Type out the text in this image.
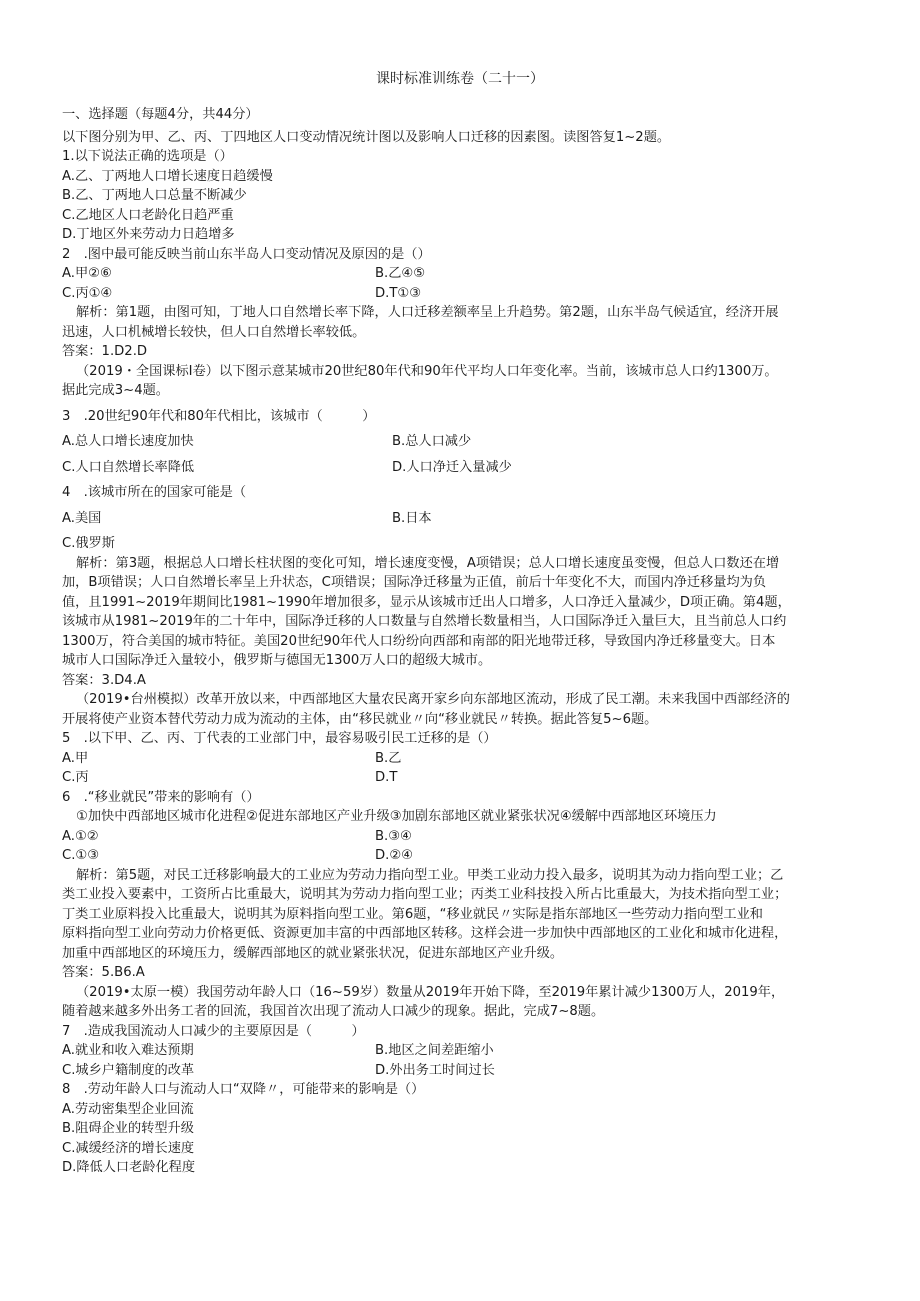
课时标准训练卷（二十一）

一、选择题（每题4分，共44分）

以下图分别为甲、乙、丙、丁四地区人口变动情况统计图以及影响人口迁移的因素图。读图答复1~2题。

1.以下说法正确的选项是（）

A.乙、丁两地人口增长速度日趋缓慢

B.乙、丁两地人口总量不断减少

C.乙地区人口老龄化日趋严重

D.丁地区外来劳动力日趋增多

2　.图中最可能反映当前山东半岛人口变动情况及原因的是（）

A.甲②⑥	B.乙④⑤
C.丙①④	D.T①③

解析：第1题，由图可知，丁地人口自然增长率下降，人口迁移差额率呈上升趋势。第2题，山东半岛气候适宜，经济开展

迅速，人口机械增长较快，但人口自然增长率较低。

答案：1.D2.D

（2019・全国课标Ⅰ卷）以下图示意某城市20世纪80年代和90年代平均人口年变化率。当前，该城市总人口约1300万。

据此完成3~4题。

3　.20世纪90年代和80年代相比，该城市（　　　）

A.总人口增长速度加快	B.总人口减少
C.人口自然增长率降低	D.人口净迁入量减少

4　.该城市所在的国家可能是（

A.美国	B.日本

C.俄罗斯

解析：第3题，根据总人口增长柱状图的变化可知，增长速度变慢，A项错误；总人口增长速度虽变慢，但总人口数还在增

加，B项错误；人口自然增长率呈上升状态，C项错误；国际净迁移量为正值，前后十年变化不大，而国内净迁移量均为负

值，且1991~2019年期间比1981~1990年增加很多，显示从该城市迁出人口增多，人口净迁入量减少，D项正确。第4题，

该城市从1981~2019年的二十年中，国际净迁移的人口数量与自然增长数量相当，人口国际净迁入量巨大，且当前总人口约

1300万，符合美国的城市特征。美国20世纪90年代人口纷纷向西部和南部的阳光地带迁移，导致国内净迁移量变大。日本

城市人口国际净迁入量较小，俄罗斯与德国无1300万人口的超级大城市。

答案：3.D4.A

（2019•台州模拟）改革开放以来，中西部地区大量农民离开家乡向东部地区流动，形成了民工潮。未来我国中西部经济的

开展将使产业资本替代劳动力成为流动的主体，由“移民就业〃向“移业就民〃转换。据此答复5~6题。

5　.以下甲、乙、丙、丁代表的工业部门中，最容易吸引民工迁移的是（）

A.甲	B.乙
C.丙	D.T

6　.“移业就民”带来的影响有（）

①加快中西部地区城市化进程②促进东部地区产业升级③加剧东部地区就业紧张状况④缓解中西部地区环境压力

A.①②	B.③④
C.①③	D.②④

解析：第5题，对民工迁移影响最大的工业应为劳动力指向型工业。甲类工业动力投入最多，说明其为动力指向型工业；乙

类工业投入要素中，工资所占比重最大，说明其为劳动力指向型工业；丙类工业科技投入所占比重最大，为技术指向型工业；

丁类工业原料投入比重最大，说明其为原料指向型工业。第6题，“移业就民〃实际是指东部地区一些劳动力指向型工业和

原料指向型工业向劳动力价格更低、资源更加丰富的中西部地区转移。这样会进一步加快中西部地区的工业化和城市化进程，

加重中西部地区的环境压力，缓解西部地区的就业紧张状况，促进东部地区产业升级。

答案：5.B6.A

（2019•太原一模）我国劳动年龄人口（16~59岁）数量从2019年开始下降，至2019年累计减少1300万人，2019年，

随着越来越多外出务工者的回流，我国首次出现了流动人口减少的现象。据此，完成7~8题。

7　.造成我国流动人口减少的主要原因是（　　　）

A.就业和收入难达预期	B.地区之间差距缩小
C.城乡户籍制度的改革	D.外出务工时间过长

8　.劳动年龄人口与流动人口“双降〃，可能带来的影响是（）

A.劳动密集型企业回流

B.阻碍企业的转型升级

C.减缓经济的增长速度

D.降低人口老龄化程度
